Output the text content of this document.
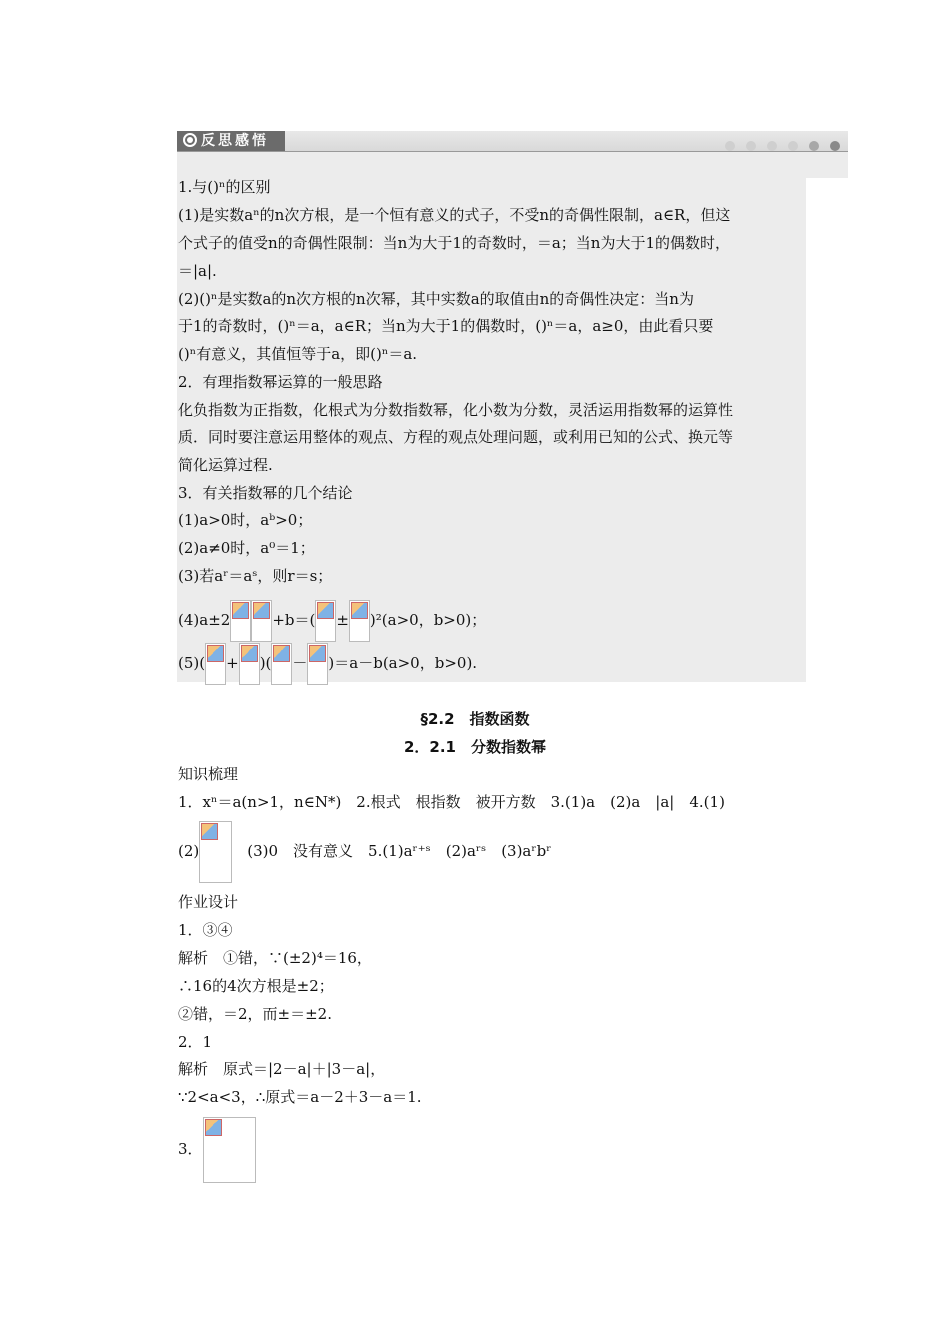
反思感悟
1.与()ⁿ的区别
(1)是实数aⁿ的n次方根，是一个恒有意义的式子，不受n的奇偶性限制，a∈R，但这
个式子的值受n的奇偶性限制：当n为大于1的奇数时，＝a；当n为大于1的偶数时，
＝|a|.
(2)()ⁿ是实数a的n次方根的n次幂，其中实数a的取值由n的奇偶性决定：当n为
于1的奇数时，()ⁿ＝a，a∈R；当n为大于1的偶数时，()ⁿ＝a，a≥0，由此看只要
()ⁿ有意义，其值恒等于a，即()ⁿ＝a.
2．有理指数幂运算的一般思路
化负指数为正指数，化根式为分数指数幂，化小数为分数，灵活运用指数幂的运算性
质．同时要注意运用整体的观点、方程的观点处理问题，或利用已知的公式、换元等
简化运算过程.
3．有关指数幂的几个结论
(1)a>0时，aᵇ>0；
(2)a≠0时，a⁰＝1；
(3)若aʳ＝aˢ，则r＝s；
(4)a±2	+b＝( ± )²(a>0，b>0)；
(5)( + )( － )＝a－b(a>0，b>0).
§2.2　指数函数
2．2.1　分数指数幂
知识梳理
1．xⁿ＝a(n>1，n∈N*)　2.根式　根指数　被开方数　3.(1)a　(2)a　|a|　4.(1)
(2)　	(3)0　没有意义　5.(1)aʳ⁺ˢ　(2)aʳˢ　(3)aʳbʳ
作业设计
1．③④
解析　①错，∵(±2)⁴＝16，
∴16的4次方根是±2；
②错，＝2，而±＝±2.
2．1
解析　原式＝|2－a|＋|3－a|，
∵2<a<3，∴原式＝a－2＋3－a＝1.
3．
